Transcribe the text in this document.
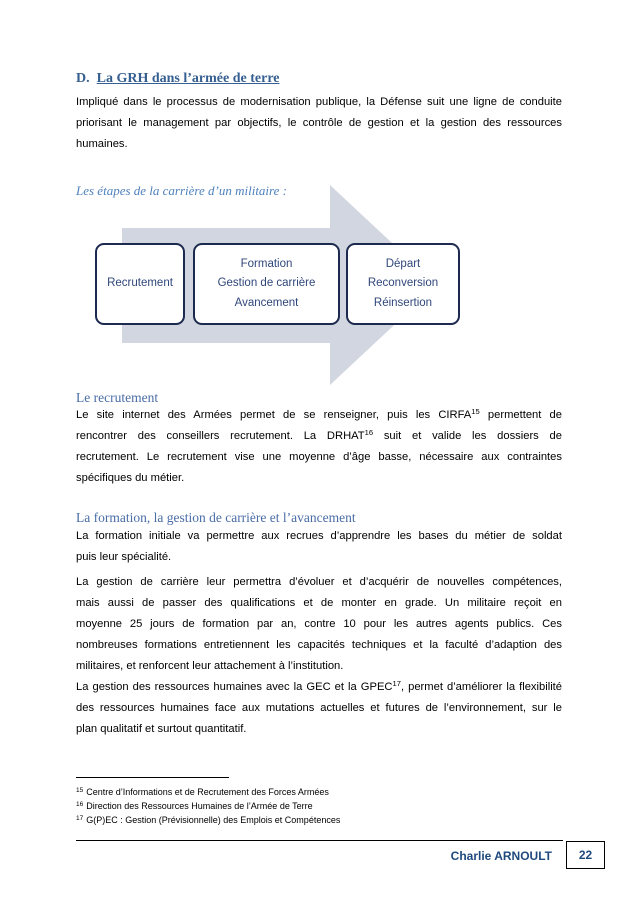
D. La GRH dans l’armée de terre
Impliqué dans le processus de modernisation publique, la Défense suit une ligne de conduite
priorisant le management par objectifs, le contrôle de gestion et la gestion des ressources
humaines.
Les étapes de la carrière d’un militaire :
Recrutement
Formation
Gestion de carrière
Avancement
Départ
Reconversion
Réinsertion
Le recrutement
Le site internet des Armées permet de se renseigner, puis les CIRFA$^{15}$ permettent de
rencontrer des conseillers recrutement. La DRHAT$^{16}$ suit et valide les dossiers de
recrutement. Le recrutement vise une moyenne d’âge basse, nécessaire aux contraintes
spécifiques du métier.
La formation, la gestion de carrière et l’avancement
La formation initiale va permettre aux recrues d’apprendre les bases du métier de soldat
puis leur spécialité.
La gestion de carrière leur permettra d’évoluer et d’acquérir de nouvelles compétences,
mais aussi de passer des qualifications et de monter en grade. Un militaire reçoit en
moyenne 25 jours de formation par an, contre 10 pour les autres agents publics. Ces
nombreuses formations entretiennent les capacités techniques et la faculté d’adaption des
militaires, et renforcent leur attachement à l’institution.
La gestion des ressources humaines avec la GEC et la GPEC$^{17}$, permet d’améliorer la flexibilité
des ressources humaines face aux mutations actuelles et futures de l’environnement, sur le
plan qualitatif et surtout quantitatif.
$^{15}$ Centre d’Informations et de Recrutement des Forces Armées
$^{16}$ Direction des Ressources Humaines de l’Armée de Terre
$^{17}$ G(P)EC : Gestion (Prévisionnelle) des Emplois et Compétences
Charlie ARNOULT 22
